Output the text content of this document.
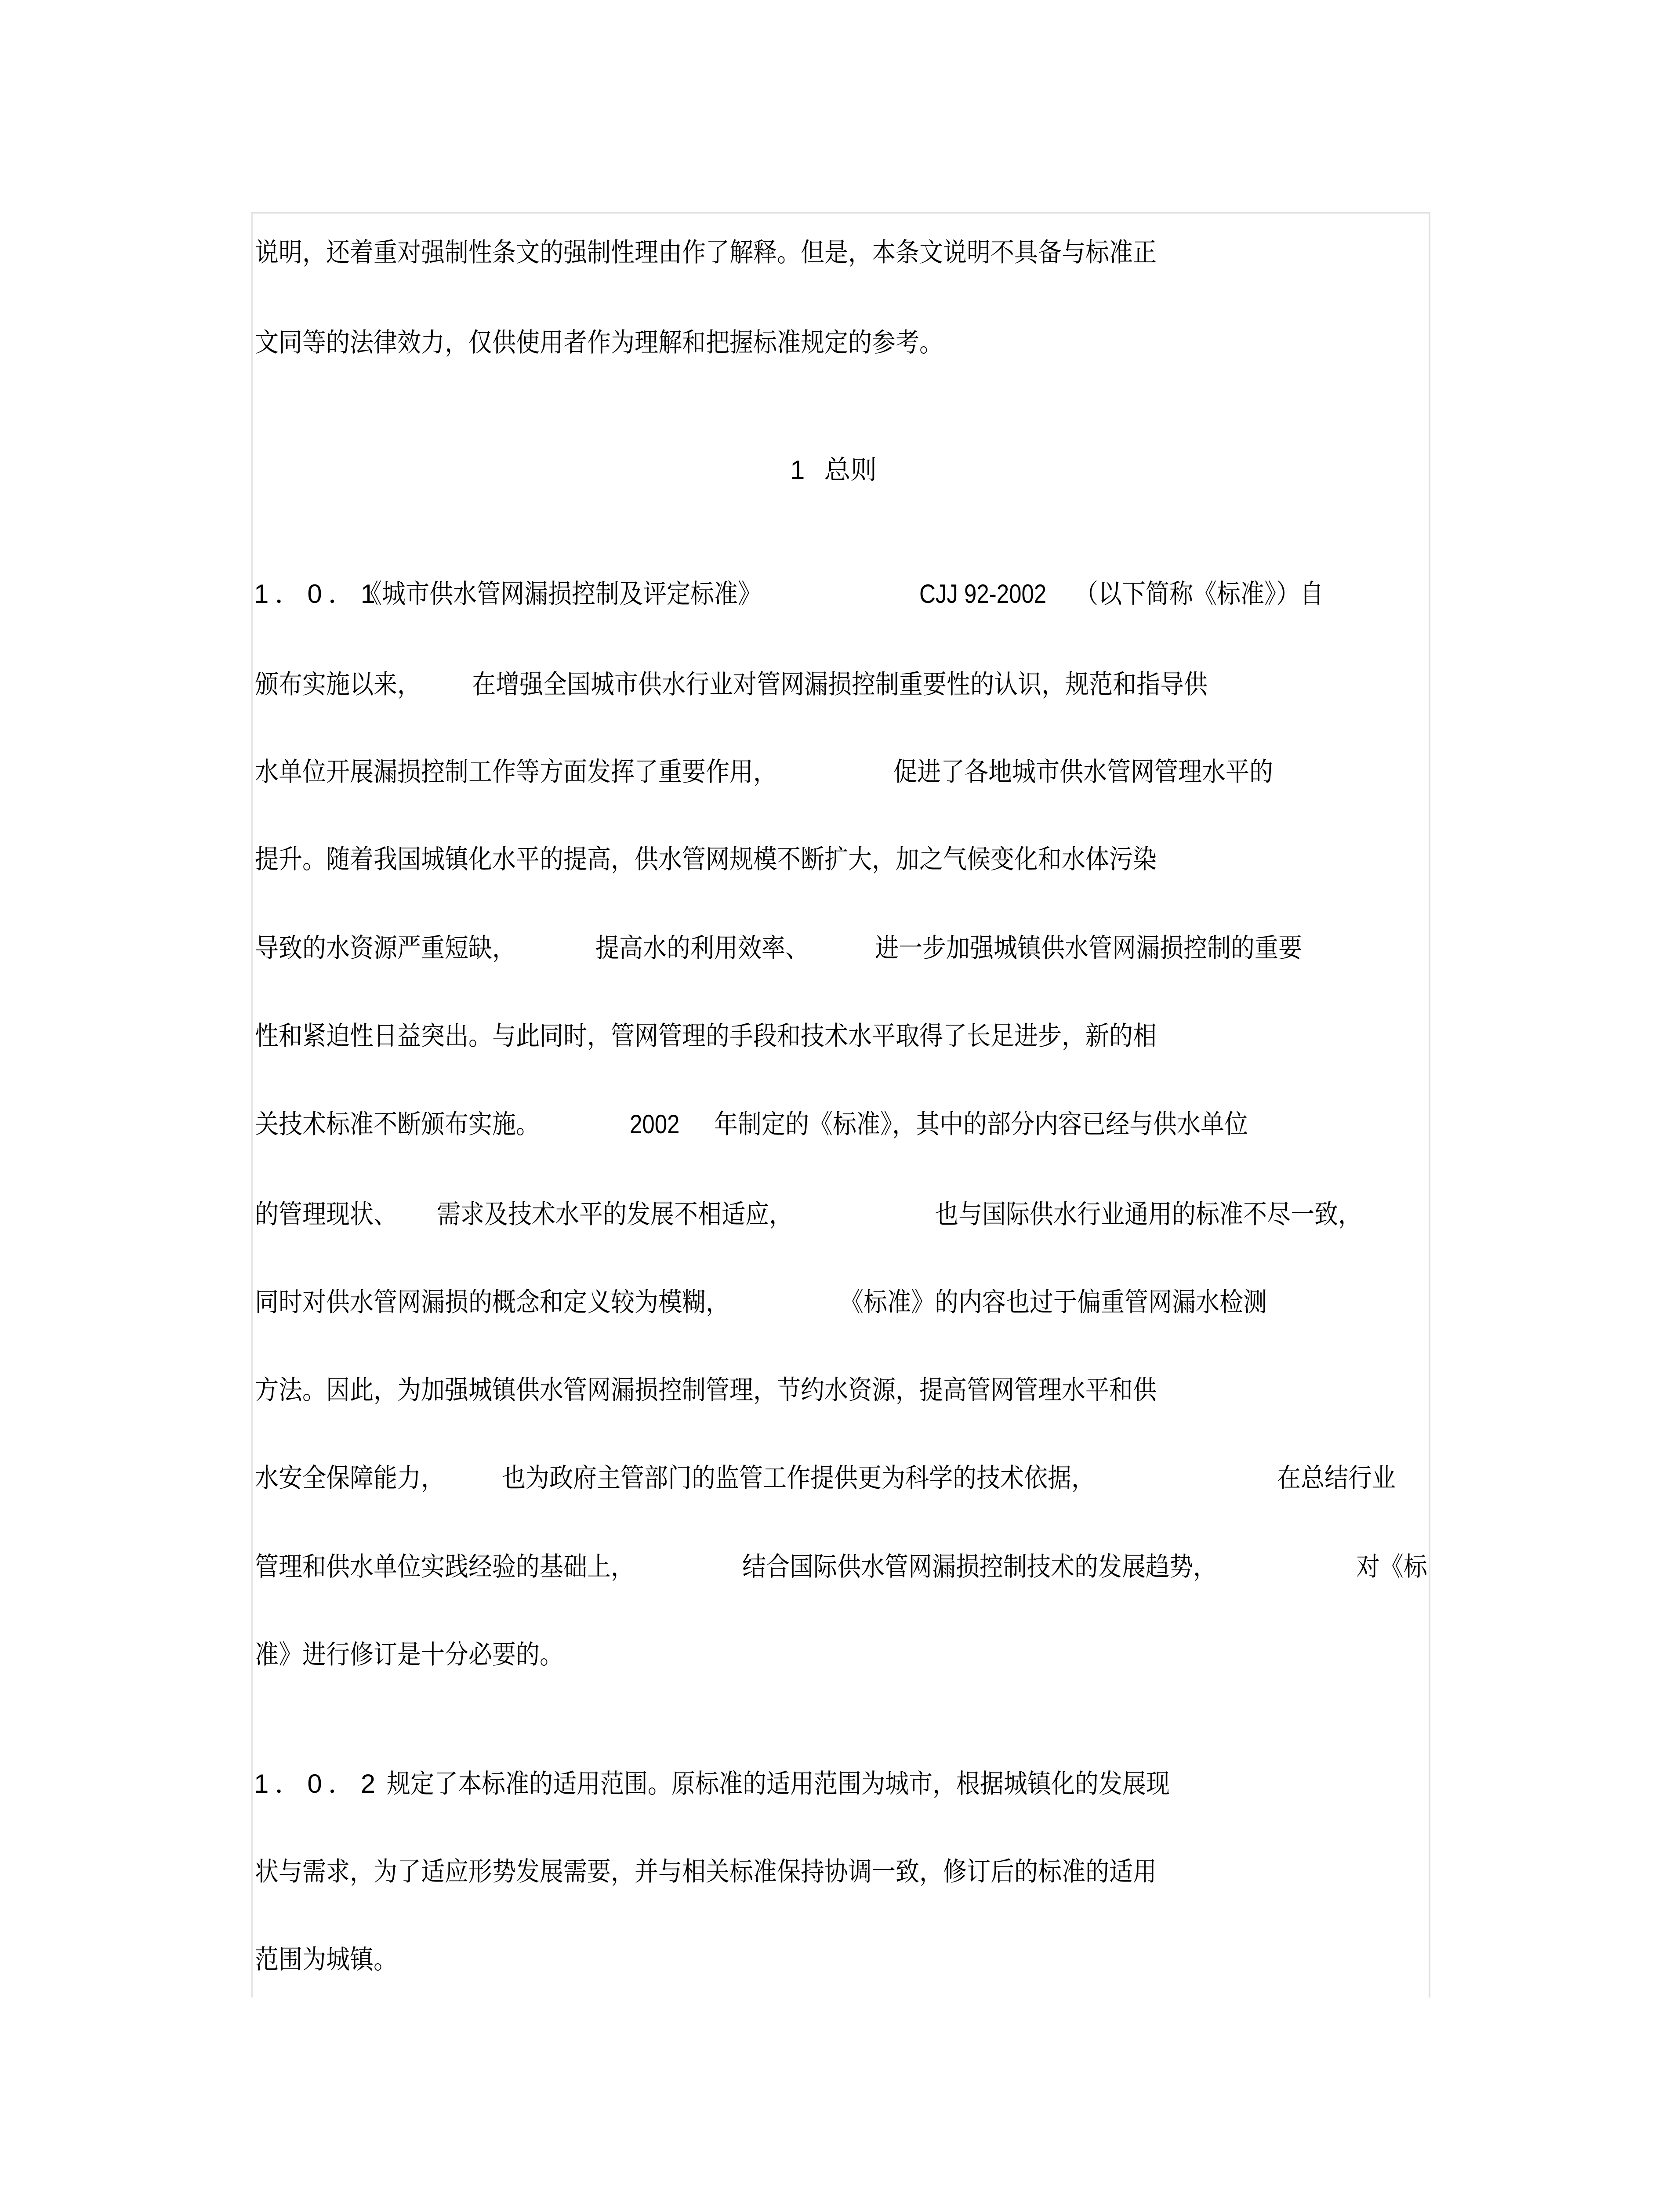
说明，还着重对强制性条文的强制性理由作了解释。但是，本条文说明不具备与标准正
文同等的法律效力，仅供使用者作为理解和把握标准规定的参考。
1 总则
1．0．1
《城市供水管网漏损控制及评定标准》	CJJ 92-2002 （以下简称《标准》）自
颁布实施以来， 在增强全国城市供水行业对管网漏损控制重要性的认识，规范和指导供
水单位开展漏损控制工作等方面发挥了重要作用，	促进了各地城市供水管网管理水平的
提升。随着我国城镇化水平的提高，供水管网规模不断扩大，加之气候变化和水体污染
导致的水资源严重短缺，	提高水的利用效率、	进一步加强城镇供水管网漏损控制的重要
性和紧迫性日益突出。与此同时，管网管理的手段和技术水平取得了长足进步，新的相
关技术标准不断颁布实施。	2002 年制定的《标准》，其中的部分内容已经与供水单位
的管理现状、 需求及技术水平的发展不相适应，	也与国际供水行业通用的标准不尽一致，
同时对供水管网漏损的概念和定义较为模糊，	《标准》的内容也过于偏重管网漏水检测
方法。因此，为加强城镇供水管网漏损控制管理，节约水资源，提高管网管理水平和供
水安全保障能力， 也为政府主管部门的监管工作提供更为科学的技术依据，	在总结行业
管理和供水单位实践经验的基础上，	结合国际供水管网漏损控制技术的发展趋势，	对《标
准》进行修订是十分必要的。
1．0．2 规定了本标准的适用范围。原标准的适用范围为城市，根据城镇化的发展现
状与需求，为了适应形势发展需要，并与相关标准保持协调一致，修订后的标准的适用
范围为城镇。
